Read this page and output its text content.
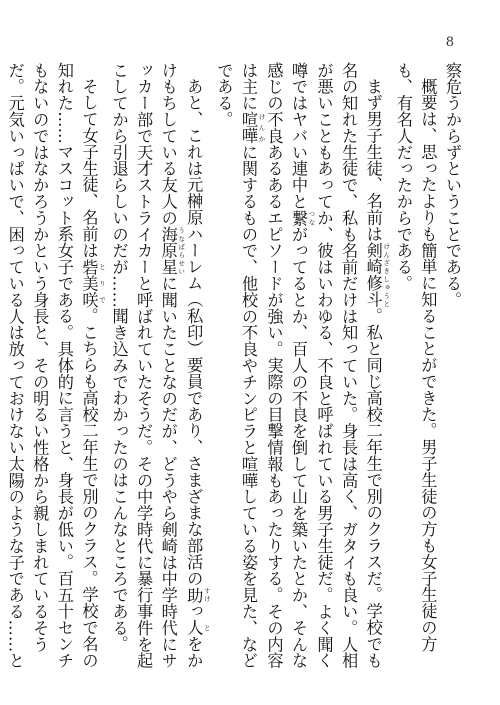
8

察危うからずということである。

概要は、思ったよりも簡単に知ることができた。男子生徒の方も女子生徒の方も、有名人だったからである。

まず男子生徒、名前は剣崎修斗 けんざきしゅうと。私と同じ高校二年生で別のクラスだ。学校でも名の知れた生徒で、私も名前だけは知っていた。身長は高く、ガタイも良い。人相が悪いこともあってか、彼はいわゆる、不良と呼ばれている男子生徒だ。よく聞く噂ではヤバい連中と繋 つながってるとか、百人の不良を倒して山を築いたとか、そんな感じの不良あるあるエピソードが強い。実際の目撃情報もあったりする。その内容は主に喧嘩 けんかに関するもので、他校の不良やチンピラと喧嘩している姿を見た、などである。

あと、これは元榊原ハーレム（私印）要員であり、さまざまな部活の助 すけっ人 とをかけもちしている友人の海原星 うなばらせいに聞いたことなのだが、どうやら剣崎は中学時代にサッカー部で天才ストライカーと呼ばれていたそうだ。その中学時代に暴行事件を起こしてから引退らしいのだが……聞き込みでわかったのはこんなところである。

そして女子生徒、名前は砦美咲 とりで。こちらも高校二年生で別のクラス。学校で名の知れた……マスコット系女子である。具体的に言うと、身長が低い。百五十センチもないのではなかろうかという身長と、その明るい性格から親しまれているそうだ。元気いっぱいで、困っている人は放っておけない太陽のような子である……と
